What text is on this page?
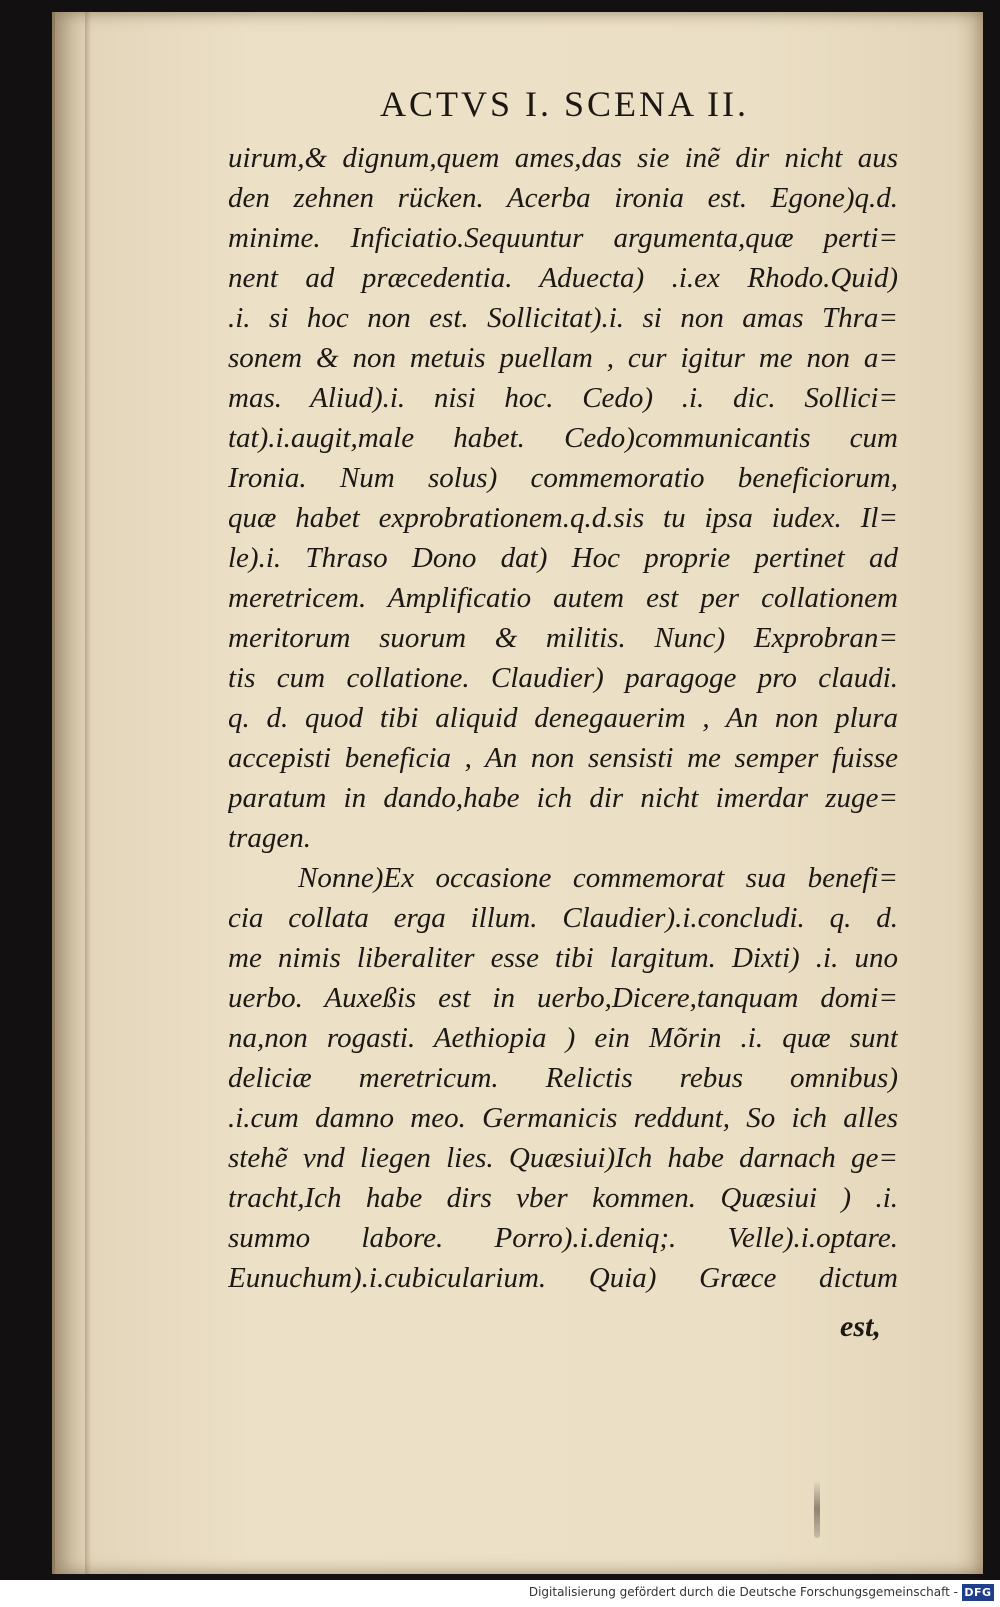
ACTVS I. SCENA II.
uirum,& dignum,quem ames,das sie inẽ dir nicht aus
den zehnen rücken. Acerba ironia est. Egone)q.d.
minime. Inficiatio.Sequuntur argumenta,quæ perti=
nent ad præcedentia. Aduecta) .i.ex Rhodo.Quid)
.i. si hoc non est. Sollicitat).i. si non amas Thra=
sonem & non metuis puellam , cur igitur me non a=
mas. Aliud).i. nisi hoc. Cedo) .i. dic. Sollici=
tat).i.augit,male habet. Cedo)communicantis cum
Ironia. Num solus) commemoratio beneficiorum,
quæ habet exprobrationem.q.d.sis tu ipsa iudex. Il=
le).i. Thraso Dono dat) Hoc proprie pertinet ad
meretricem. Amplificatio autem est per collationem
meritorum suorum & militis. Nunc) Exprobran=
tis cum collatione. Claudier) paragoge pro claudi.
q. d. quod tibi aliquid denegauerim , An non plura
accepisti beneficia , An non sensisti me semper fuisse
paratum in dando,habe ich dir nicht imerdar zuge=
tragen.
Nonne)Ex occasione commemorat sua benefi=
cia collata erga illum. Claudier).i.concludi. q. d.
me nimis liberaliter esse tibi largitum. Dixti) .i. uno
uerbo. Auxeßis est in uerbo,Dicere,tanquam domi=
na,non rogasti. Aethiopia ) ein Mõrin .i. quæ sunt
deliciæ meretricum. Relictis rebus omnibus)
.i.cum damno meo. Germanicis reddunt, So ich alles
stehẽ vnd liegen lies. Quæsiui)Ich habe darnach ge=
tracht,Ich habe dirs vber kommen. Quæsiui ) .i.
summo labore. Porro).i.deniq;. Velle).i.optare.
Eunuchum).i.cubicularium. Quia) Græce dictum
est,
Digitalisierung gefördert durch die Deutsche Forschungsgemeinschaft - DFG
